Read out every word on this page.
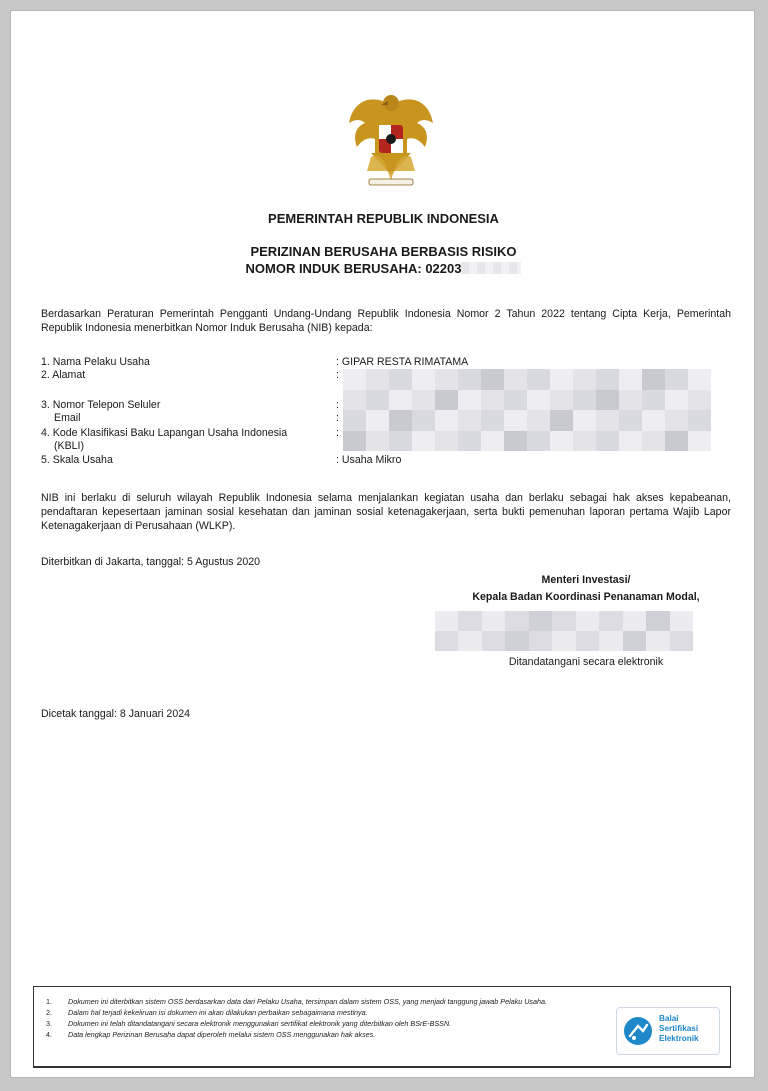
PEMERINTAH REPUBLIK INDONESIA
PERIZINAN BERUSAHA BERBASIS RISIKO
NOMOR INDUK BERUSAHA: 02203
Berdasarkan Peraturan Pemerintah Pengganti Undang-Undang Republik Indonesia Nomor 2 Tahun 2022 tentang Cipta Kerja, Pemerintah Republik Indonesia menerbitkan Nomor Induk Berusaha (NIB) kepada:
1. Nama Pelaku Usaha	: GIPAR RESTA RIMATAMA
2. Alamat	:
3. Nomor Telepon Seluler	:
Email	:
4. Kode Klasifikasi Baku Lapangan Usaha Indonesia	:
(KBLI)
5. Skala Usaha	: Usaha Mikro
NIB ini berlaku di seluruh wilayah Republik Indonesia selama menjalankan kegiatan usaha dan berlaku sebagai hak akses kepabeanan, pendaftaran kepesertaan jaminan sosial kesehatan dan jaminan sosial ketenagakerjaan, serta bukti pemenuhan laporan pertama Wajib Lapor Ketenagakerjaan di Perusahaan (WLKP).
Diterbitkan di Jakarta, tanggal: 5 Agustus 2020
Menteri Investasi/
Kepala Badan Koordinasi Penanaman Modal,
Ditandatangani secara elektronik
Dicetak tanggal: 8 Januari 2024
1. Dokumen ini diterbitkan sistem OSS berdasarkan data dari Pelaku Usaha, tersimpan dalam sistem OSS, yang menjadi tanggung jawab Pelaku Usaha.
2. Dalam hal terjadi kekeliruan isi dokumen ini akan dilakukan perbaikan sebagaimana mestinya.
3. Dokumen ini telah ditandatangani secara elektronik menggunakan sertifikat elektronik yang diterbitkan oleh BSrE-BSSN.
4. Data lengkap Perizinan Berusaha dapat diperoleh melalui sistem OSS menggunakan hak akses.
Balai
Sertifikasi
Elektronik
